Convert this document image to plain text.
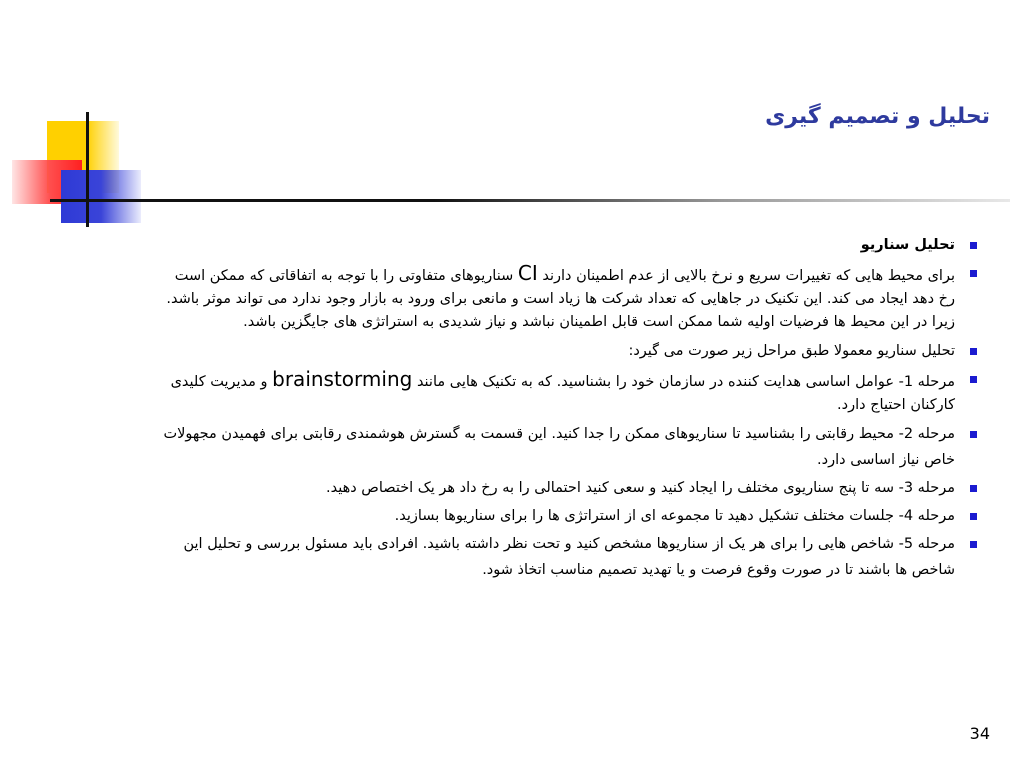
تحلیل و تصمیم گیری
تحلیل سناریو
برای محیط هایی که تغییرات سریع و نرخ بالایی از عدم اطمینان دارند CI سناریوهای متفاوتی را با توجه به اتفاقاتی که ممکن است رخ دهد ایجاد می کند. این تکنیک در جاهایی که تعداد شرکت ها زیاد است و مانعی برای ورود به بازار وجود ندارد می تواند موثر باشد. زیرا در این محیط ها فرضیات اولیه شما ممکن است قابل اطمینان نباشد و نیاز شدیدی به استراتژی های جایگزین باشد.
تحلیل سناریو معمولا طبق مراحل زیر صورت می گیرد:
مرحله 1- عوامل اساسی هدایت کننده در سازمان خود را بشناسید. که به تکنیک هایی مانند brainstorming و مدیریت کلیدی کارکنان احتیاج دارد.
مرحله 2- محیط رقابتی را بشناسید تا سناریوهای ممکن را جدا کنید. این قسمت به گسترش هوشمندی رقابتی برای فهمیدن مجهولات خاص نیاز اساسی دارد.
مرحله 3- سه تا پنج سناریوی مختلف را ایجاد کنید و سعی کنید احتمالی را به رخ داد هر یک اختصاص دهید.
مرحله 4- جلسات مختلف تشکیل دهید تا مجموعه ای از استراتژی ها را برای سناریوها بسازید.
مرحله 5- شاخص هایی را برای هر یک از سناریوها مشخص کنید و تحت نظر داشته باشید. افرادی باید مسئول بررسی و تحلیل این شاخص ها باشند تا در صورت وقوع فرصت و یا تهدید تصمیم مناسب اتخاذ شود.
34
